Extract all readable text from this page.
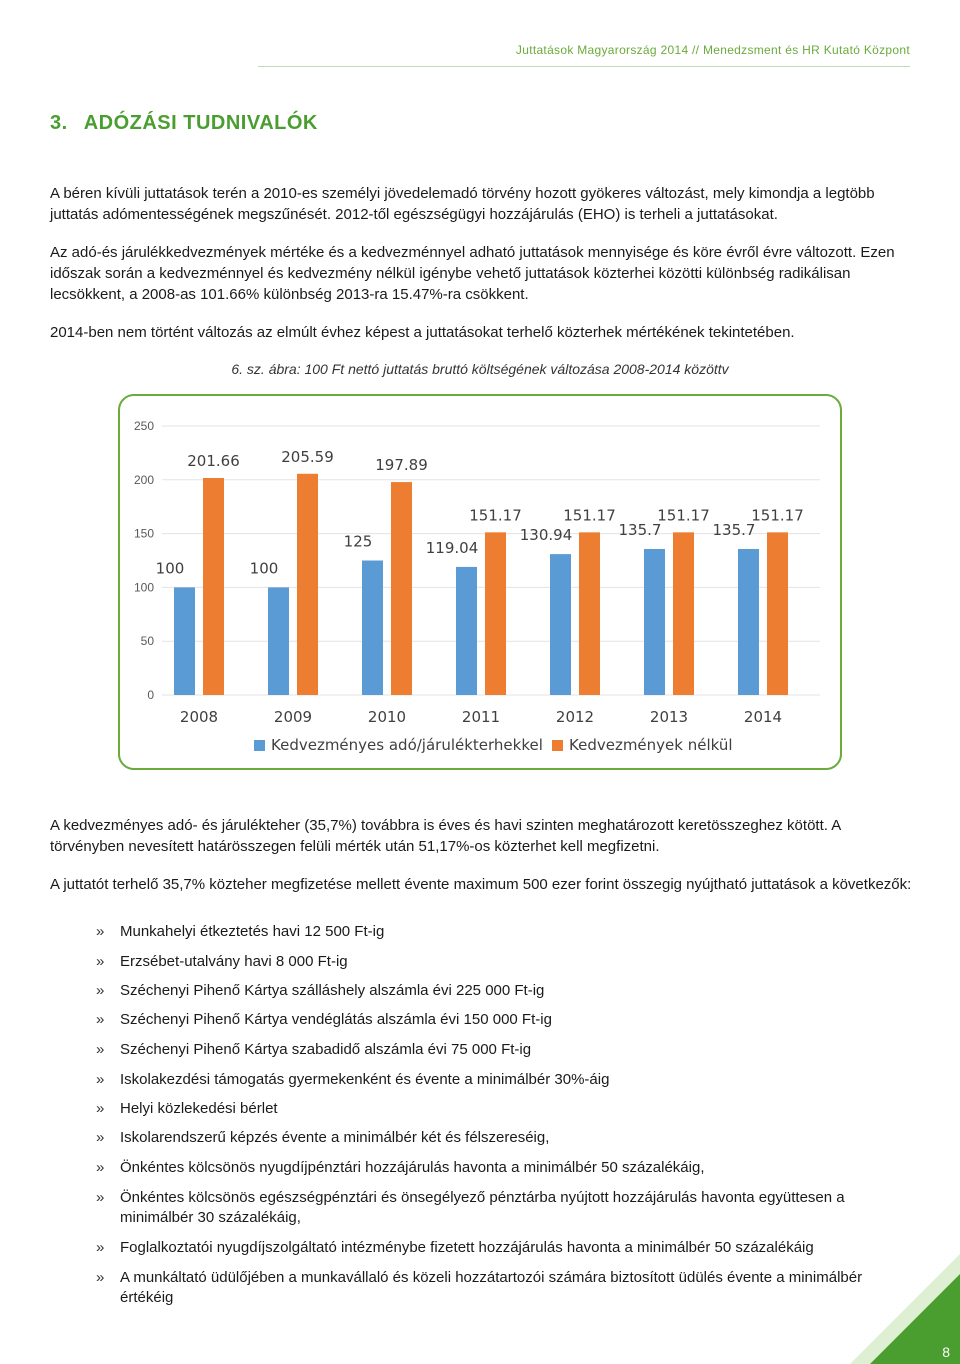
Juttatások Magyarország 2014 // Menedzsment és HR Kutató Központ
3. ADÓZÁSI TUDNIVALÓK

A béren kívüli juttatások terén a 2010-es személyi jövedelemadó törvény hozott gyökeres változást, mely kimondja a legtöbb juttatás adómentességének megszűnését. 2012-től egészségügyi hozzájárulás (EHO) is terheli a juttatásokat.

Az adó-és járulékkedvezmények mértéke és a kedvezménnyel adható juttatások mennyisége és köre évről évre változott. Ezen időszak során a kedvezménnyel és kedvezmény nélkül igénybe vehető juttatások közterhei közötti különbség radikálisan lecsökkent, a 2008-as 101.66% különbség 2013-ra 15.47%-ra csökkent.

2014-ben nem történt változás az elmúlt évhez képest a juttatásokat terhelő közterhek mértékének tekintetében.

6. sz. ábra: 100 Ft nettó juttatás bruttó költségének változása 2008-2014 közöttv
0
50
100
150
200
250
100
201.66
2008
100
205.59
2009
125
197.89
2010
119.04
151.17
2011
130.94
151.17
2012
135.7
151.17
2013
135.7
151.17
2014
Kedvezményes adó/járulékterhekkel Kedvezmények nélkül

A kedvezményes adó- és járulékteher (35,7%) továbbra is éves és havi szinten meghatározott keretösszeghez kötött. A törvényben nevesített határösszegen felüli mérték után 51,17%-os közterhet kell megfizetni.

A juttatót terhelő 35,7% közteher megfizetése mellett évente maximum 500 ezer forint összegig nyújtható juttatások a következők:

» Munkahelyi étkeztetés havi 12 500 Ft-ig
» Erzsébet-utalvány havi 8 000 Ft-ig
» Széchenyi Pihenő Kártya szálláshely alszámla évi 225 000 Ft-ig
» Széchenyi Pihenő Kártya vendéglátás alszámla évi 150 000 Ft-ig
» Széchenyi Pihenő Kártya szabadidő alszámla évi 75 000 Ft-ig
» Iskolakezdési támogatás gyermekenként és évente a minimálbér 30%-áig
» Helyi közlekedési bérlet
» Iskolarendszerű képzés évente a minimálbér két és félszereséig,
» Önkéntes kölcsönös nyugdíjpénztári hozzájárulás havonta a minimálbér 50 százalékáig,
» Önkéntes kölcsönös egészségpénztári és önsegélyező pénztárba nyújtott hozzájárulás havonta együttesen a minimálbér 30 százalékáig,
» Foglalkoztatói nyugdíjszolgáltató intézménybe fizetett hozzájárulás havonta a minimálbér 50 százalékáig
» A munkáltató üdülőjében a munkavállaló és közeli hozzátartozói számára biztosított üdülés évente a minimálbér értékéig
8
